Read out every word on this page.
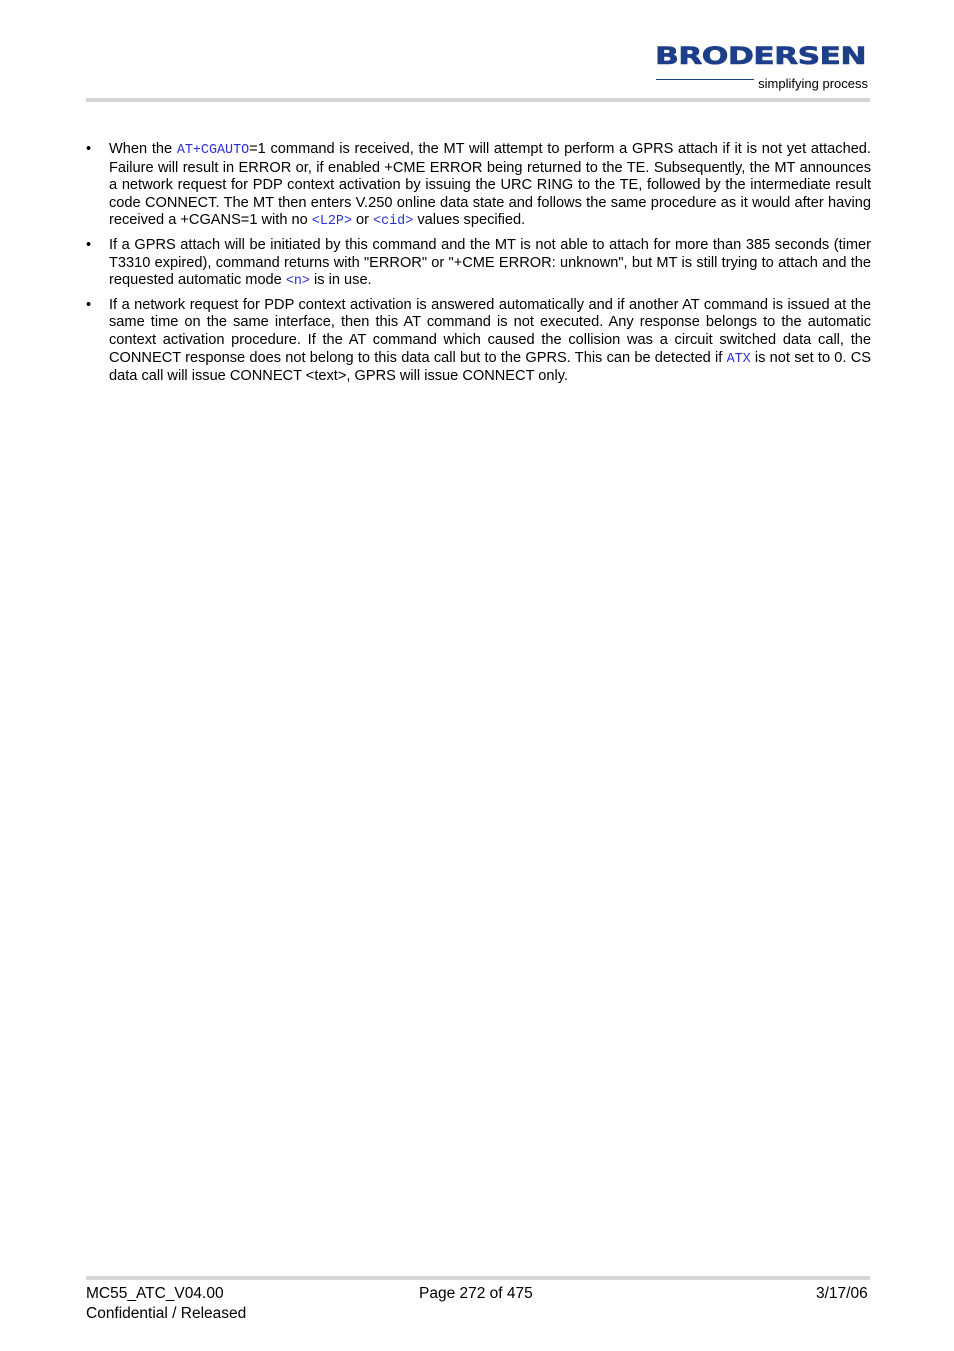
BRODERSEN
simplifying process
• When the AT+CGAUTO=1 command is received, the MT will attempt to perform a GPRS attach if it is not yet attached. Failure will result in ERROR or, if enabled +CME ERROR being returned to the TE. Subsequently, the MT announces a network request for PDP context activation by issuing the URC RING to the TE, followed by the intermediate result code CONNECT. The MT then enters V.250 online data state and follows the same procedure as it would after having received a +CGANS=1 with no <L2P> or <cid> values specified.
• If a GPRS attach will be initiated by this command and the MT is not able to attach for more than 385 seconds (timer T3310 expired), command returns with "ERROR" or "+CME ERROR: unknown", but MT is still trying to attach and the requested automatic mode <n> is in use.
• If a network request for PDP context activation is answered automatically and if another AT command is issued at the same time on the same interface, then this AT command is not executed. Any response belongs to the automatic context activation procedure. If the AT command which caused the collision was a circuit switched data call, the CONNECT response does not belong to this data call but to the GPRS. This can be detected if ATX is not set to 0. CS data call will issue CONNECT <text>, GPRS will issue CONNECT only.
MC55_ATC_V04.00
Confidential / Released
Page 272 of 475	3/17/06
